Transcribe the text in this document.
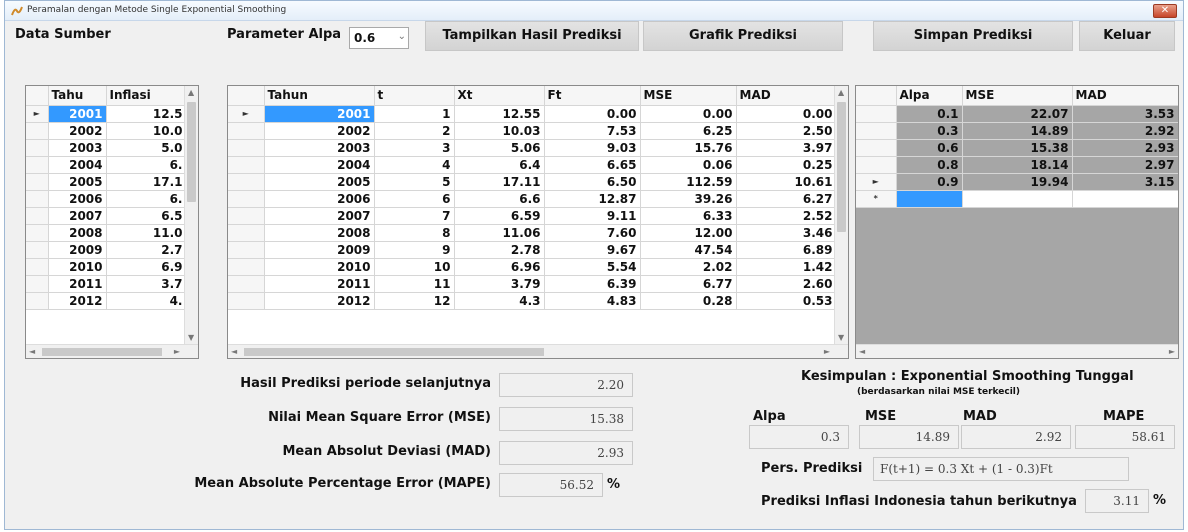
Peramalan dengan Metode Single Exponential Smoothing	✕
Data Sumber
	Tahu	Inflasi
►	2001	12.5
	2002	10.0
	2003	5.0
	2004	6.
	2005	17.1
	2006	6.
	2007	6.5
	2008	11.0
	2009	2.7
	2010	6.9
	2011	3.7
	2012	4.
▲
▼
◄	►
Parameter Alpa 0.6 ⌄	Tampilkan Hasil Prediksi	Grafik Prediksi	Simpan Prediksi	Keluar
	Tahun	t	Xt	Ft	MSE	MAD
►	2001	1	12.55	0.00	0.00	0.00
	2002	2	10.03	7.53	6.25	2.50
	2003	3	5.06	9.03	15.76	3.97
	2004	4	6.4	6.65	0.06	0.25
	2005	5	17.11	6.50	112.59	10.61
	2006	6	6.6	12.87	39.26	6.27
	2007	7	6.59	9.11	6.33	2.52
	2008	8	11.06	7.60	12.00	3.46
	2009	9	2.78	9.67	47.54	6.89
	2010	10	6.96	5.54	2.02	1.42
	2011	11	3.79	6.39	6.77	2.60
	2012	12	4.3	4.83	0.28	0.53
▲
▼
◄	►
	Alpa	MSE	MAD
	0.1	22.07	3.53
	0.3	14.89	2.92
	0.6	15.38	2.93
	0.8	18.14	2.97
►	0.9	19.94	3.15
*			
◄	►
Hasil Prediksi periode selanjutnya	2.20
Nilai Mean Square Error (MSE)	15.38
Mean Absolut Deviasi (MAD)	2.93
Mean Absolute Percentage Error (MAPE)	56.52	%
Kesimpulan : Exponential Smoothing Tunggal
(berdasarkan nilai MSE terkecil)
Alpa	MSE	MAD	MAPE
0.3	14.89	2.92	58.61
Pers. Prediksi	F(t+1) = 0.3 Xt + (1 - 0.3)Ft
Prediksi Inflasi Indonesia tahun berikutnya	3.11	%
